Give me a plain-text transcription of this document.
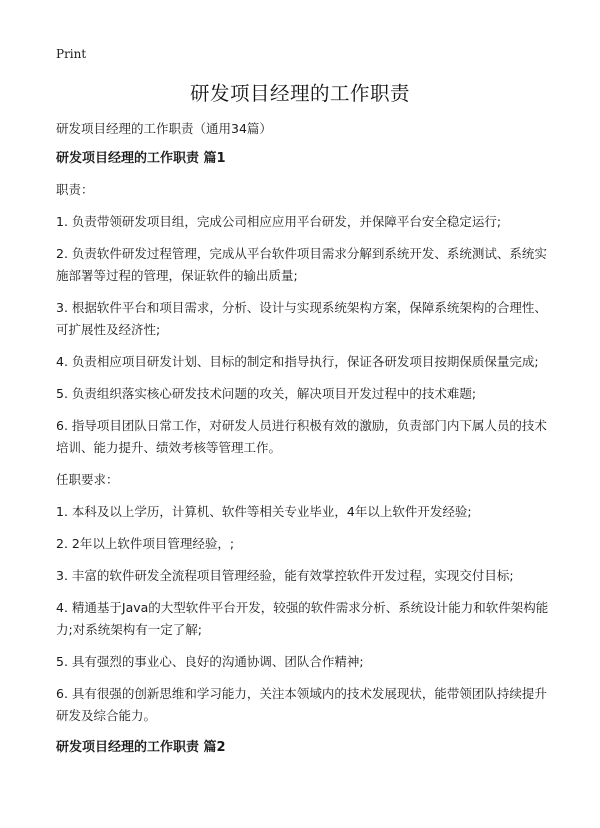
Print
研发项目经理的工作职责

研发项目经理的工作职责（通用34篇）

研发项目经理的工作职责 篇1

职责：

1. 负责带领研发项目组，完成公司相应应用平台研发，并保障平台安全稳定运行;

2. 负责软件研发过程管理，完成从平台软件项目需求分解到系统开发、系统测试、系统实施部署等过程的管理，保证软件的输出质量;

3. 根据软件平台和项目需求，分析、设计与实现系统架构方案，保障系统架构的合理性、可扩展性及经济性;

4. 负责相应项目研发计划、目标的制定和指导执行，保证各研发项目按期保质保量完成;

5. 负责组织落实核心研发技术问题的攻关，解决项目开发过程中的技术难题;

6. 指导项目团队日常工作，对研发人员进行积极有效的激励，负责部门内下属人员的技术培训、能力提升、绩效考核等管理工作。

任职要求：

1. 本科及以上学历，计算机、软件等相关专业毕业，4年以上软件开发经验;

2. 2年以上软件项目管理经验，;

3. 丰富的软件研发全流程项目管理经验，能有效掌控软件开发过程，实现交付目标;

4. 精通基于Java的大型软件平台开发，较强的软件需求分析、系统设计能力和软件架构能力;对系统架构有一定了解;

5. 具有强烈的事业心、良好的沟通协调、团队合作精神;

6. 具有很强的创新思维和学习能力，关注本领域内的技术发展现状，能带领团队持续提升研发及综合能力。

研发项目经理的工作职责 篇2
